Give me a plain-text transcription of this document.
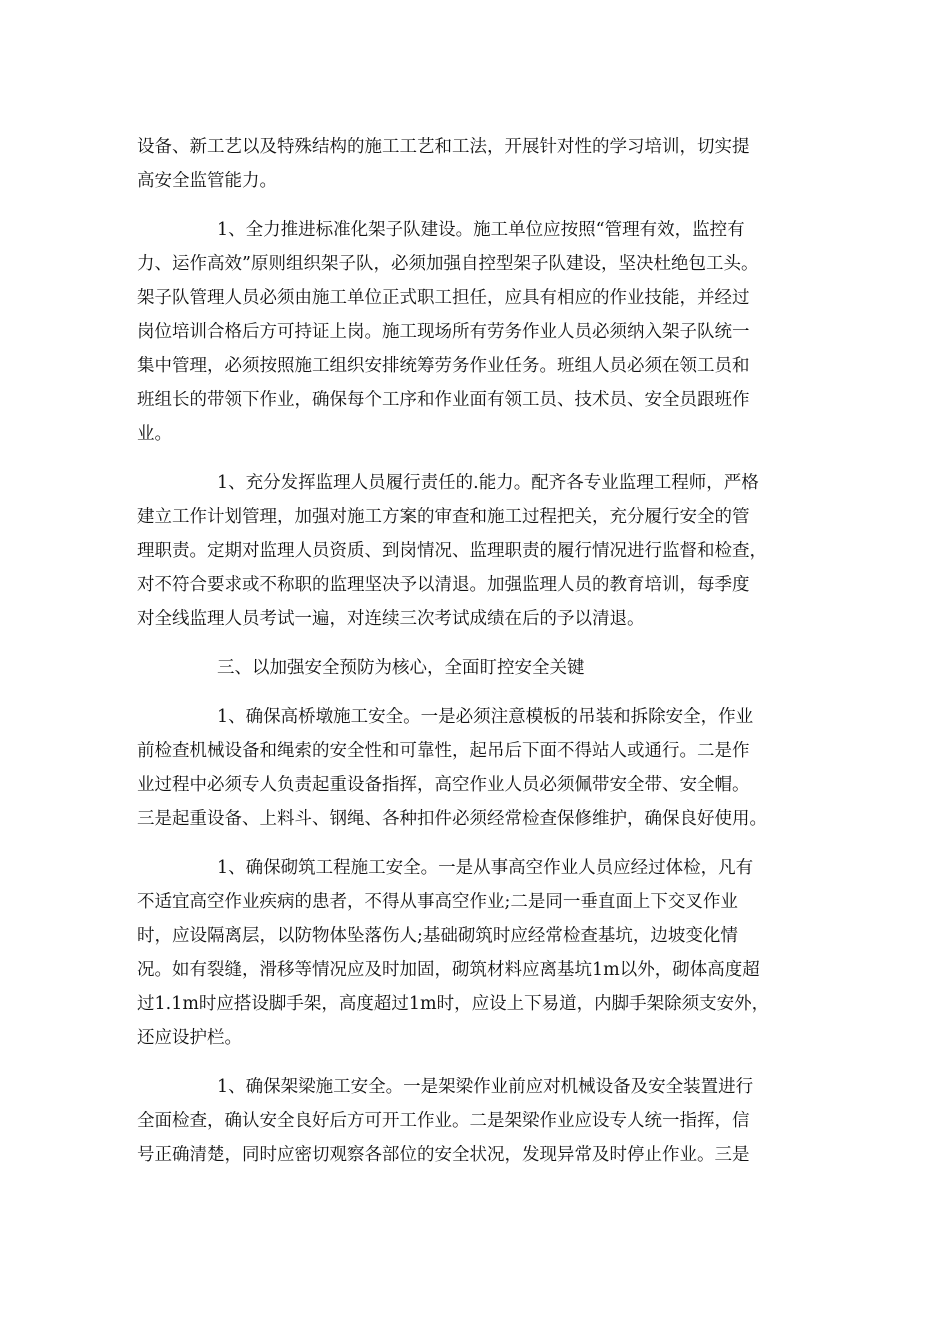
设备、新工艺以及特殊结构的施工工艺和工法，开展针对性的学习培训，切实提
高安全监管能力。
1、全力推进标准化架子队建设。施工单位应按照“管理有效，监控有
力、运作高效”原则组织架子队，必须加强自控型架子队建设，坚决杜绝包工头。
架子队管理人员必须由施工单位正式职工担任，应具有相应的作业技能，并经过
岗位培训合格后方可持证上岗。施工现场所有劳务作业人员必须纳入架子队统一
集中管理，必须按照施工组织安排统筹劳务作业任务。班组人员必须在领工员和
班组长的带领下作业，确保每个工序和作业面有领工员、技术员、安全员跟班作
业。
1、充分发挥监理人员履行责任的.能力。配齐各专业监理工程师，严格
建立工作计划管理，加强对施工方案的审查和施工过程把关，充分履行安全的管
理职责。定期对监理人员资质、到岗情况、监理职责的履行情况进行监督和检查，
对不符合要求或不称职的监理坚决予以清退。加强监理人员的教育培训，每季度
对全线监理人员考试一遍，对连续三次考试成绩在后的予以清退。
三、以加强安全预防为核心，全面盯控安全关键
1、确保高桥墩施工安全。一是必须注意模板的吊装和拆除安全，作业
前检查机械设备和绳索的安全性和可靠性，起吊后下面不得站人或通行。二是作
业过程中必须专人负责起重设备指挥，高空作业人员必须佩带安全带、安全帽。
三是起重设备、上料斗、钢绳、各种扣件必须经常检查保修维护，确保良好使用。
1、确保砌筑工程施工安全。一是从事高空作业人员应经过体检，凡有
不适宜高空作业疾病的患者，不得从事高空作业;二是同一垂直面上下交叉作业
时，应设隔离层，以防物体坠落伤人;基础砌筑时应经常检查基坑，边坡变化情
况。如有裂缝，滑移等情况应及时加固，砌筑材料应离基坑1m以外，砌体高度超
过1.1m时应搭设脚手架，高度超过1m时，应设上下易道，内脚手架除须支安外，
还应设护栏。
1、确保架梁施工安全。一是架梁作业前应对机械设备及安全装置进行
全面检查，确认安全良好后方可开工作业。二是架梁作业应设专人统一指挥，信
号正确清楚，同时应密切观察各部位的安全状况，发现异常及时停止作业。三是
